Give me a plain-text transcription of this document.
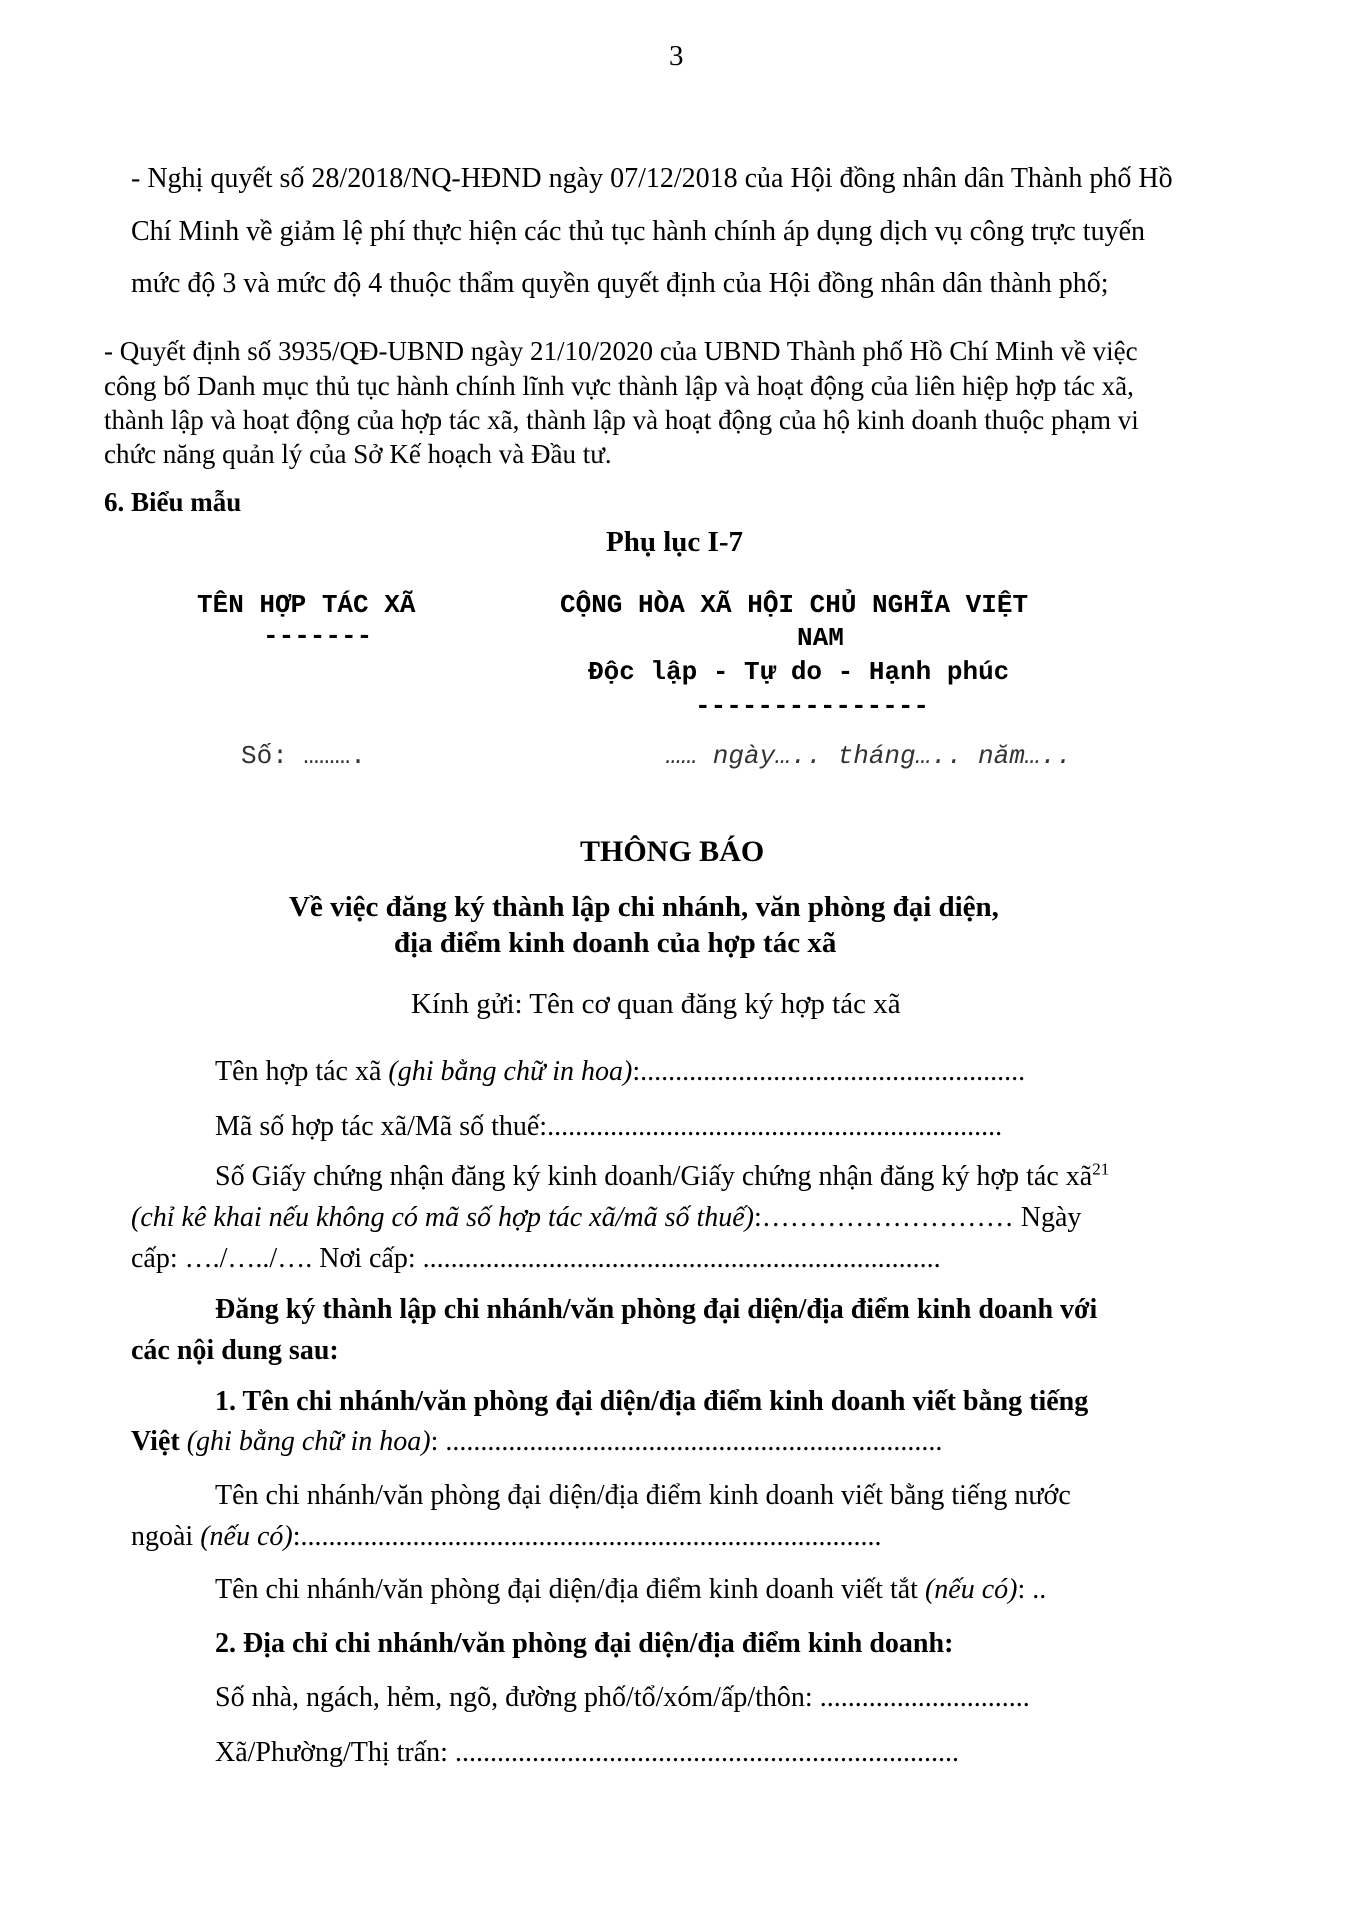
3
- Nghị quyết số 28/2018/NQ-HĐND ngày 07/12/2018 của Hội đồng nhân dân Thành phố Hồ
Chí Minh về giảm lệ phí thực hiện các thủ tục hành chính áp dụng dịch vụ công trực tuyến
mức độ 3 và mức độ 4 thuộc thẩm quyền quyết định của Hội đồng nhân dân thành phố;
- Quyết định số 3935/QĐ-UBND ngày 21/10/2020 của UBND Thành phố Hồ Chí Minh về việc
công bố Danh mục thủ tục hành chính lĩnh vực thành lập và hoạt động của liên hiệp hợp tác xã,
thành lập và hoạt động của hợp tác xã, thành lập và hoạt động của hộ kinh doanh thuộc phạm vi
chức năng quản lý của Sở Kế hoạch và Đầu tư.
6. Biểu mẫu
Phụ lục I-7
TÊN HỢP TÁC XÃ
-------
Số: ……….
CỘNG HÒA XÃ HỘI CHỦ NGHĨA VIỆT
NAM
Độc lập - Tự do - Hạnh phúc
---------------
…… ngày….. tháng….. năm…..
THÔNG BÁO
Về việc đăng ký thành lập chi nhánh, văn phòng đại diện,
địa điểm kinh doanh của hợp tác xã
Kính gửi: Tên cơ quan đăng ký hợp tác xã
Tên hợp tác xã (ghi bằng chữ in hoa):.......................................................
Mã số hợp tác xã/Mã số thuế:.................................................................
Số Giấy chứng nhận đăng ký kinh doanh/Giấy chứng nhận đăng ký hợp tác $xã^{21}$
(chỉ kê khai nếu không có mã số hợp tác xã/mã số thuế):……………………… Ngày
cấp: …./…../…. Nơi cấp: ..........................................................................
Đăng ký thành lập chi nhánh/văn phòng đại diện/địa điểm kinh doanh với
các nội dung sau:
1. Tên chi nhánh/văn phòng đại diện/địa điểm kinh doanh viết bằng tiếng
Việt (ghi bằng chữ in hoa): .......................................................................
Tên chi nhánh/văn phòng đại diện/địa điểm kinh doanh viết bằng tiếng nước
ngoài (nếu có):...................................................................................
Tên chi nhánh/văn phòng đại diện/địa điểm kinh doanh viết tắt (nếu có): ..
2. Địa chỉ chi nhánh/văn phòng đại diện/địa điểm kinh doanh:
Số nhà, ngách, hẻm, ngõ, đường phố/tổ/xóm/ấp/thôn: ..............................
Xã/Phường/Thị trấn: ........................................................................
